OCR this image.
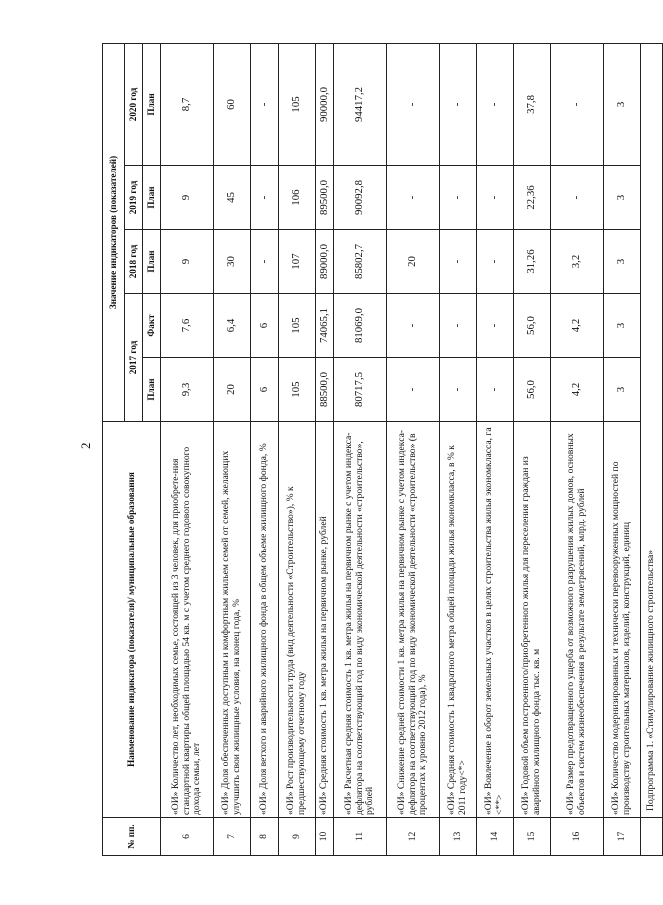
2
№ пп.	Наименование индикатора (показателя)/ муниципальные образования	Значение индикаторов (показателей)				
		2017 год		2018 год	2019 год	2020 год
		План	Факт	План	План	План
6	«ОИ» Количество лет, необходимых семье, состоящей из 3 человек, для приобрете-ния стандартной квартиры общей площадью 54 кв. м с учетом среднего годового совокупного дохода семьи, лет	9,3	7,6	9	9	8,7
7	«ОИ» Доля обеспеченных доступным и комфортным жильем семей от семей, желающих улучшить свои жилищные условия, на конец года, %	20	6,4	30	45	60
8	«ОИ» Доля ветхого и аварийного жилищного фонда в общем объеме жилищного фонда, %	6	6	-	-	-
9	«ОИ» Рост производительности труда (вид деятельности «Строительство»), % к предшествующему отчетному году	105	105	107	106	105
10	«ОИ» Средняя стоимость 1 кв. метра жилья на первичном рынке, рублей	88500,0	74065,1	89000,0	89500,0	90000,0
11	«ОИ» Расчетная средняя стоимость 1 кв. метра жилья на первичном рынке с учетом индекса-дефлятора на соответствующий год по виду экономической деятельности «строительство», рублей	80717,5	81069,0	85802,7	90092,8	94417,2
12	«ОИ» Снижение средней стоимости 1 кв. метра жилья на первичном рынке с учетом индекса-дефлятора на соответствующий год по виду экономической деятельности «строительство» (в процентах к уровню 2012 года), %	-	-	20	-	-
13	«ОИ» Средняя стоимость 1 квадратного метра общей площади жилья экономкласса, в % к 2011 году<*>	-	-	-	-	-
14	«ОИ» Вовлечение в оборот земельных участков в целях строительства жилья экономкласса, га <**>	-	-	-	-	-
15	«ОИ» Годовой объем построенного/приобретенного жилья для переселения граждан из аварийного жилищного фонда тыс. кв. м	56,0	56,0	31,26	22,36	37,8
16	«ОИ» Размер предотвращенного ущерба от возможного разрушения жилых домов, основных объектов и систем жизнеобеспечения в результате землетрясений, млрд. рублей	4,2	4,2	3,2	-	-
17	«ОИ» Количество модернизированных и технически перевооруженных мощностей по производству строительных материалов, изделий, конструкций, единиц	3	3	3	3	3
	Подпрограмма 1. «Стимулирование жилищного строительства»					
